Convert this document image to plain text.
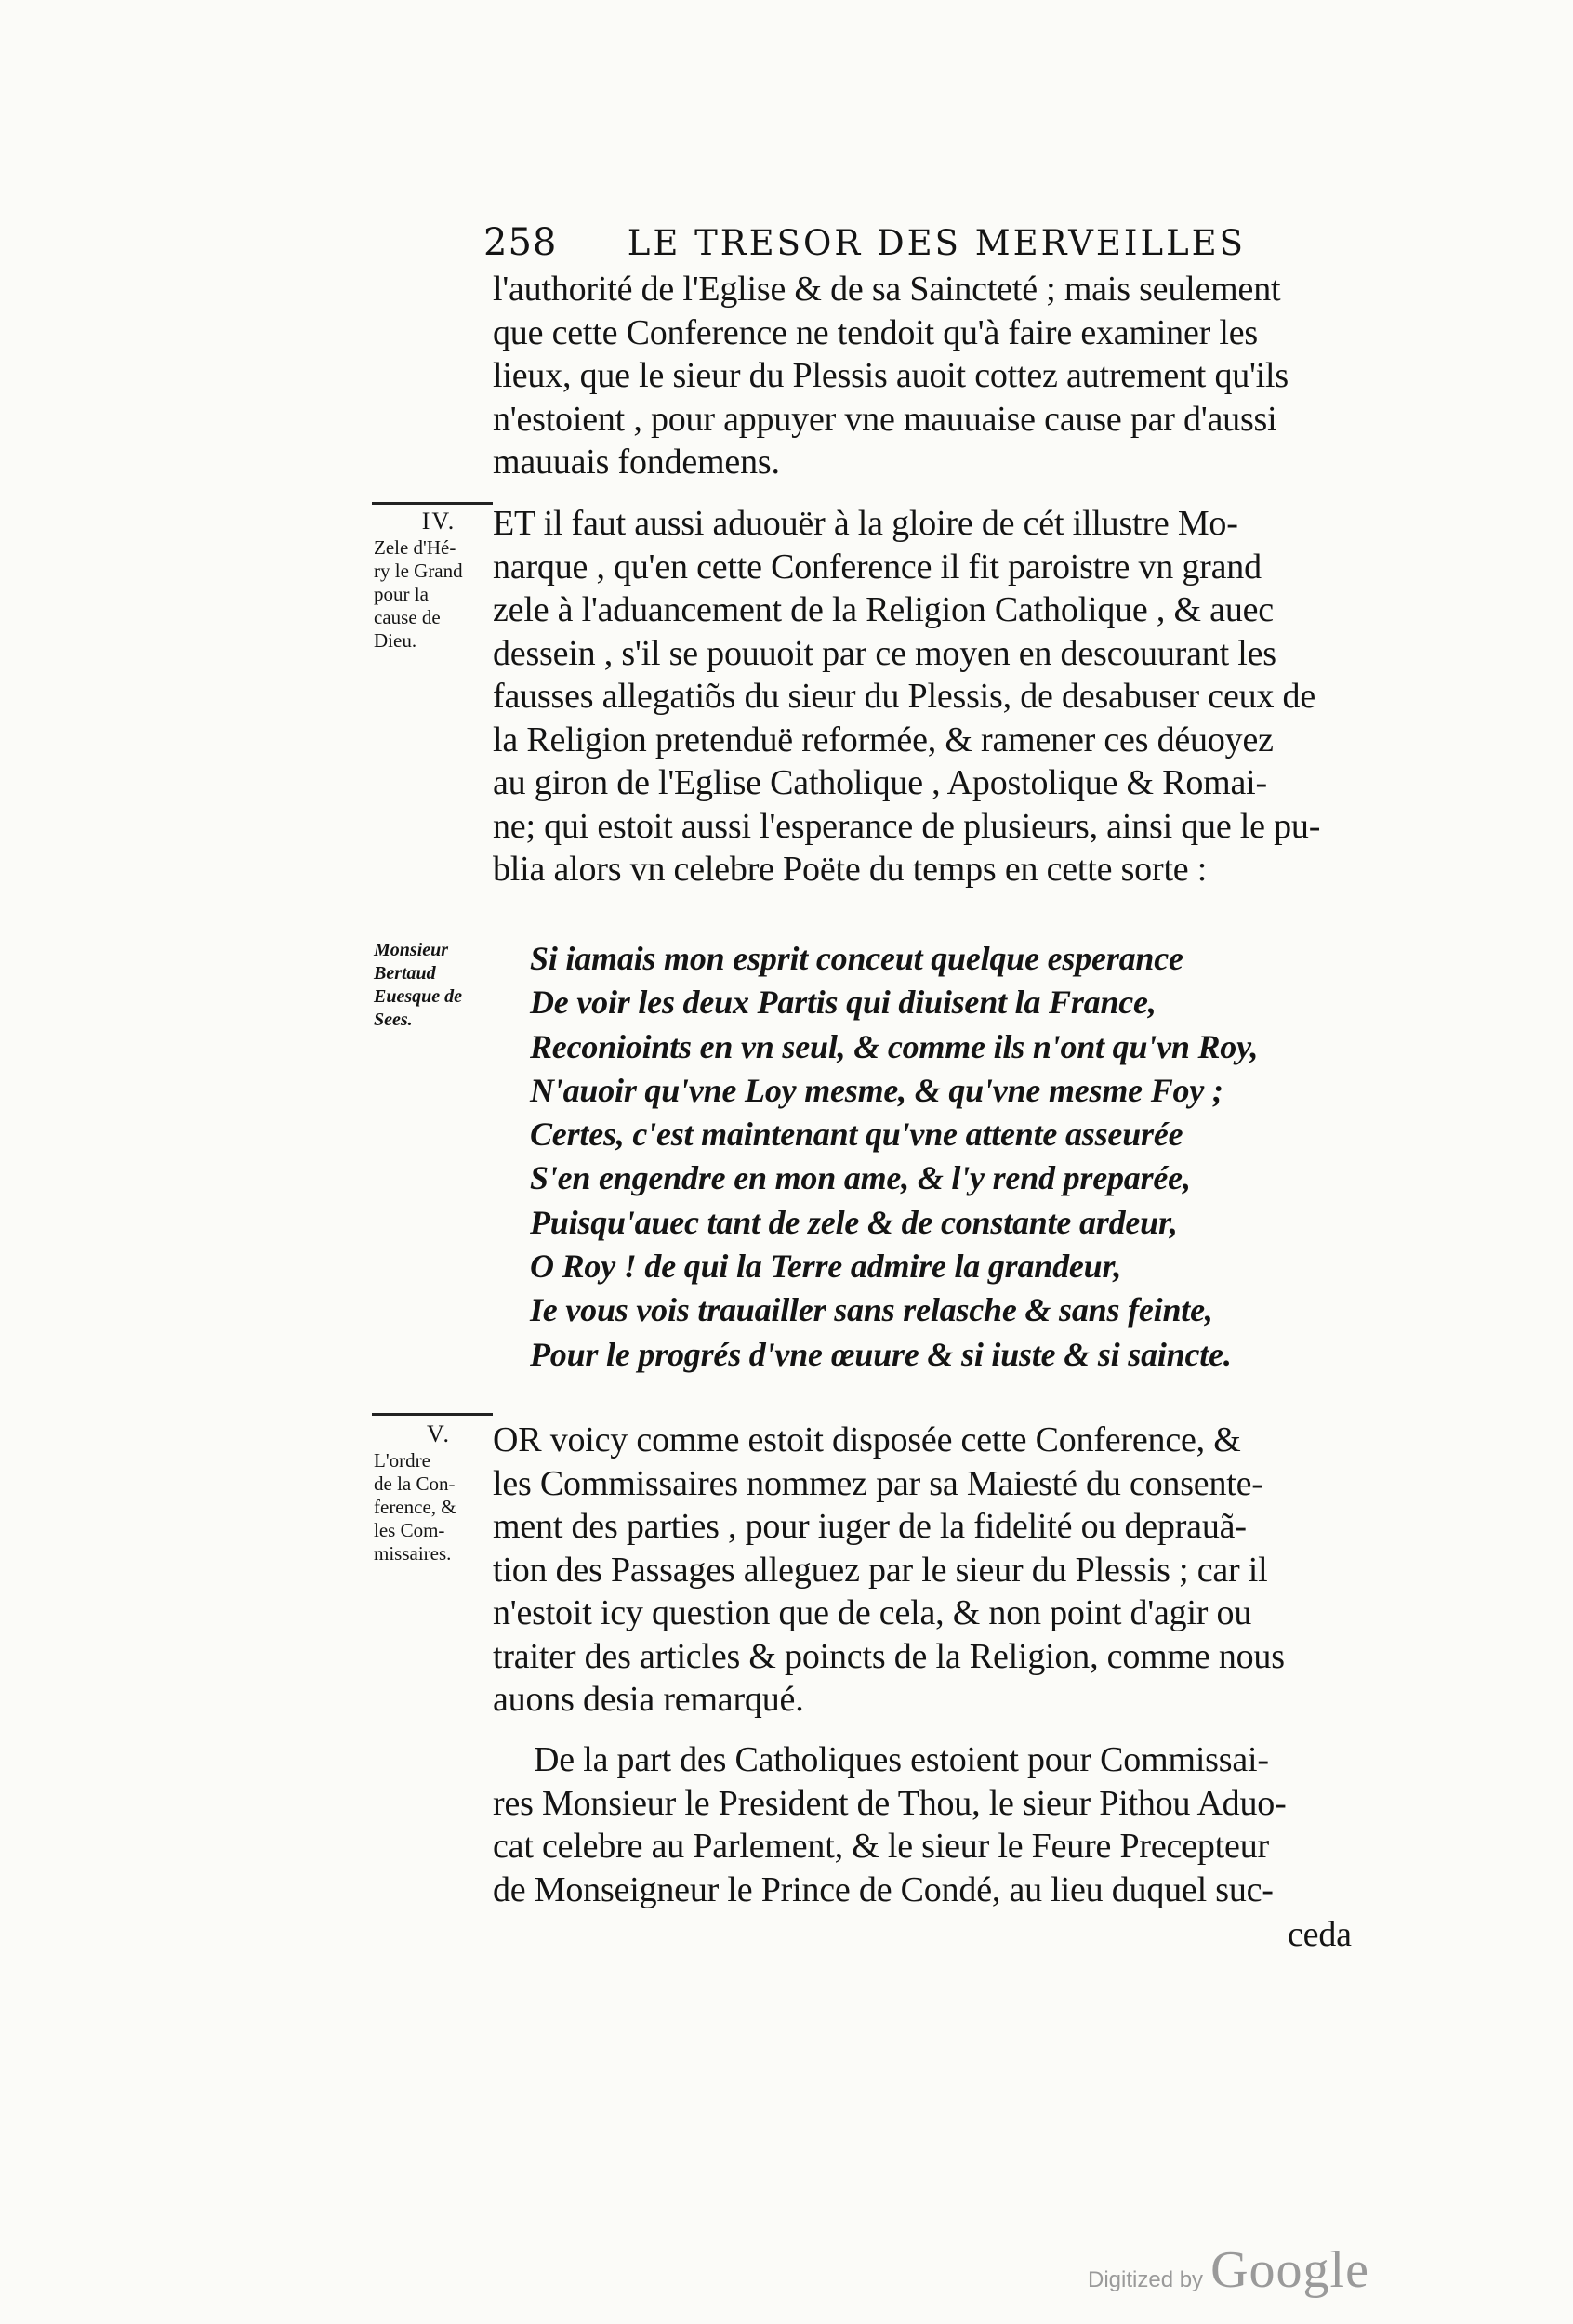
258 LE TRESOR DES MERVEILLES
l'authorité de l'Eglise & de sa Saincteté ; mais seulement
que cette Conference ne tendoit qu'à faire examiner les
lieux, que le sieur du Plessis auoit cottez autrement qu'ils
n'estoient , pour appuyer vne mauuaise cause par d'aussi
mauuais fondemens.
IV.
Zele d'Hé-
ry le Grand
pour la
cause de
Dieu.
ET il faut aussi aduouër à la gloire de cét illustre Mo-
narque , qu'en cette Conference il fit paroistre vn grand
zele à l'aduancement de la Religion Catholique , & auec
dessein , s'il se pouuoit par ce moyen en descouurant les
fausses allegatiõs du sieur du Plessis, de desabuser ceux de
la Religion pretenduë reformée, & ramener ces déuoyez
au giron de l'Eglise Catholique , Apostolique & Romai-
ne; qui estoit aussi l'esperance de plusieurs, ainsi que le pu-
blia alors vn celebre Poëte du temps en cette sorte :
Monsieur
Bertaud
Euesque de
Sees.
Si iamais mon esprit conceut quelque esperance
De voir les deux Partis qui diuisent la France,
Reconioints en vn seul, & comme ils n'ont qu'vn Roy,
N'auoir qu'vne Loy mesme, & qu'vne mesme Foy ;
Certes, c'est maintenant qu'vne attente asseurée
S'en engendre en mon ame, & l'y rend preparée,
Puisqu'auec tant de zele & de constante ardeur,
O Roy ! de qui la Terre admire la grandeur,
Ie vous vois trauailler sans relasche & sans feinte,
Pour le progrés d'vne œuure & si iuste & si saincte.
V.
L'ordre
de la Con-
ference, &
les Com-
missaires.
OR voicy comme estoit disposée cette Conference, &
les Commissaires nommez par sa Maiesté du consente-
ment des parties , pour iuger de la fidelité ou deprauã-
tion des Passages alleguez par le sieur du Plessis ; car il
n'estoit icy question que de cela, & non point d'agir ou
traiter des articles & poincts de la Religion, comme nous
auons desia remarqué.
De la part des Catholiques estoient pour Commissai-
res Monsieur le President de Thou, le sieur Pithou Aduo-
cat celebre au Parlement, & le sieur le Feure Precepteur
de Monseigneur le Prince de Condé, au lieu duquel suc-
ceda
Digitized by Google
